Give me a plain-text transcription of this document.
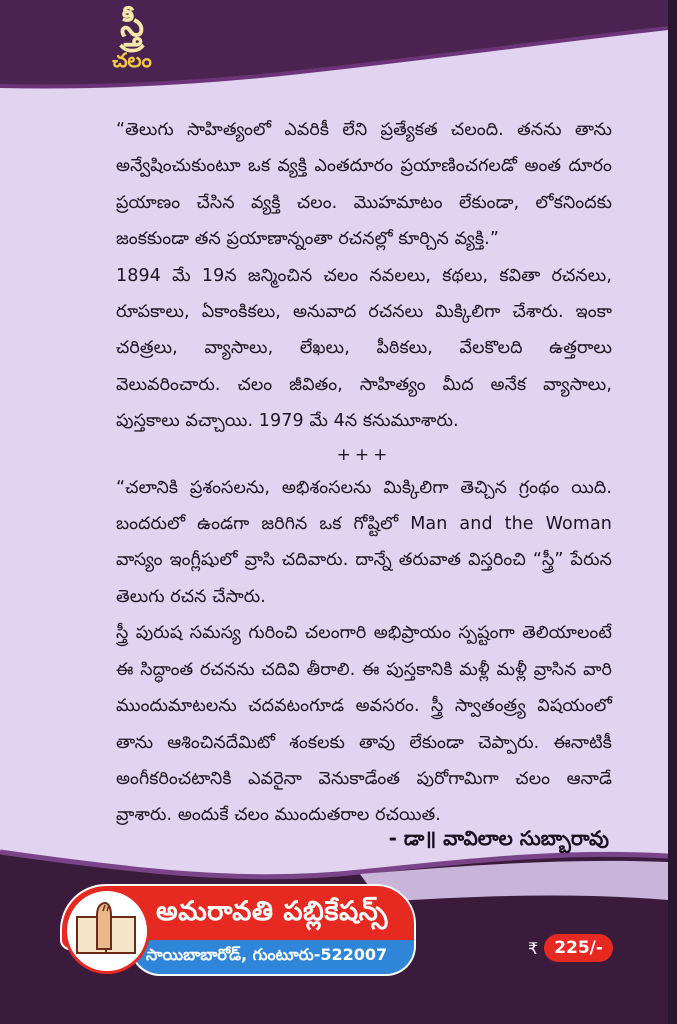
స్త్రీ
చలం

“తెలుగు సాహిత్యంలో ఎవరికీ లేని ప్రత్యేకత చలంది. తనను తాను అన్వేషించుకుంటూ ఒక వ్యక్తి ఎంతదూరం ప్రయాణించగలడో అంత దూరం ప్రయాణం చేసిన వ్యక్తి చలం. మొహమాటం లేకుండా, లోకనిందకు జంకకుండా తన ప్రయాణాన్నంతా రచనల్లో కూర్చిన వ్యక్తి.”

1894 మే 19న జన్మించిన చలం నవలలు, కథలు, కవితా రచనలు, రూపకాలు, ఏకాంకికలు, అనువాద రచనలు మిక్కిలిగా చేశారు. ఇంకా చరిత్రలు, వ్యాసాలు, లేఖలు, పీఠికలు, వేలకొలది ఉత్తరాలు వెలువరించారు. చలం జీవితం, సాహిత్యం మీద అనేక వ్యాసాలు, పుస్తకాలు వచ్చాయి. 1979 మే 4న కనుమూశారు.

+++

“చలానికి ప్రశంసలను, అభిశంసలను మిక్కిలిగా తెచ్చిన గ్రంథం యిది. బందరులో ఉండగా జరిగిన ఒక గోష్టిలో Man and the Woman వాస్యం ఇంగ్లీషులో వ్రాసి చదివారు. దాన్నే తరువాత విస్తరించి “స్త్రీ” పేరున తెలుగు రచన చేసారు.

స్త్రీ పురుష సమస్య గురించి చలంగారి అభిప్రాయం స్పష్టంగా తెలియాలంటే ఈ సిద్ధాంత రచనను చదివి తీరాలి. ఈ పుస్తకానికి మళ్లీ మళ్లీ వ్రాసిన వారి ముందుమాటలను చదవటంగూడ అవసరం. స్త్రీ స్వాతంత్ర్య విషయంలో తాను ఆశించినదేమిటో శంకలకు తావు లేకుండా చెప్పారు. ఈనాటికీ అంగీకరించటానికి ఎవరైనా వెనుకాడేంత పురోగామిగా చలం ఆనాడే వ్రాశారు. అందుకే చలం ముందుతరాల రచయిత.

- డా॥ వావిలాల సుబ్బారావు
అమరావతి పబ్లికేషన్స్
సాయిబాబారోడ్, గుంటూరు-522007	₹ 225/-
